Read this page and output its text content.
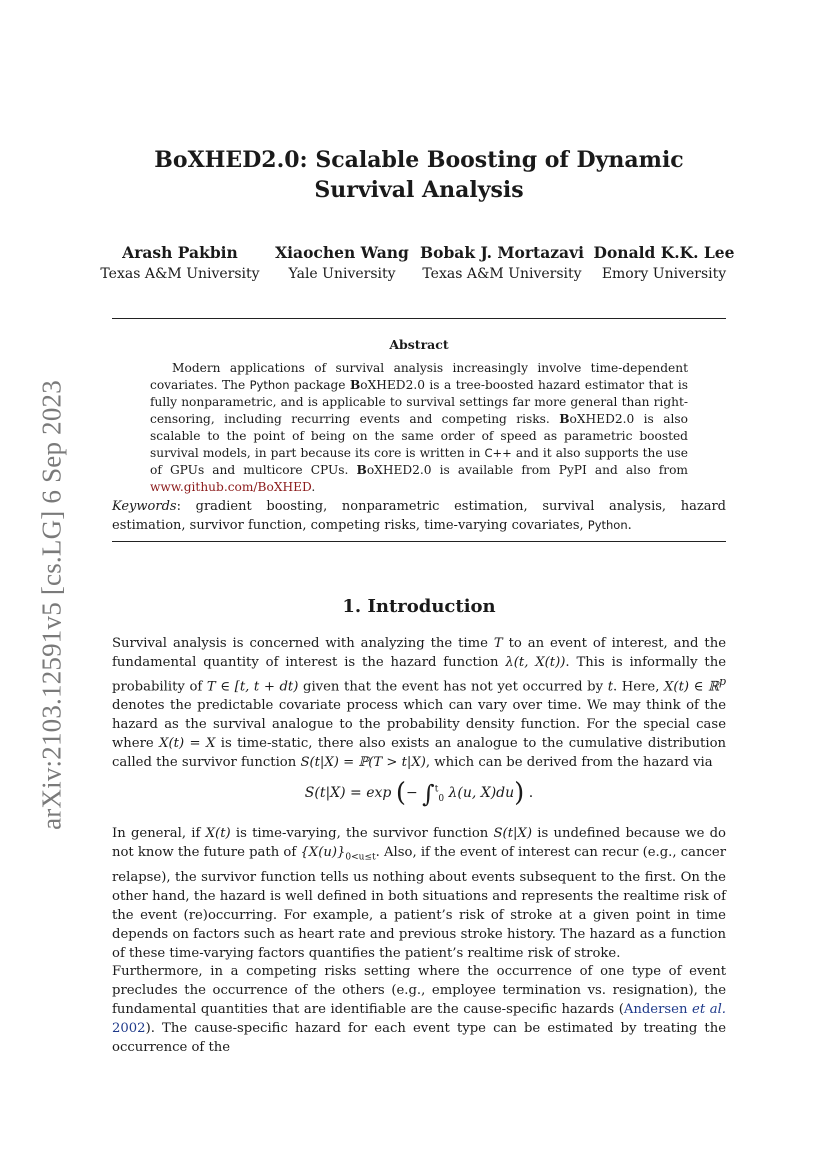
arXiv:2103.12591v5 [cs.LG] 6 Sep 2023
BoXHED2.0: Scalable Boosting of Dynamic
Survival Analysis
Arash Pakbin
Texas A&M University
Xiaochen Wang
Yale University
Bobak J. Mortazavi
Texas A&M University
Donald K.K. Lee
Emory University
Abstract

Modern applications of survival analysis increasingly involve time-dependent covariates. The Python package BoXHED2.0 is a tree-boosted hazard estimator that is fully nonparametric, and is applicable to survival settings far more general than right-censoring, including recurring events and competing risks. BoXHED2.0 is also scalable to the point of being on the same order of speed as parametric boosted survival models, in part because its core is written in C++ and it also supports the use of GPUs and multicore CPUs. BoXHED2.0 is available from PyPI and also from www.github.com/BoXHED.

Keywords: gradient boosting, nonparametric estimation, survival analysis, hazard estimation, survivor function, competing risks, time-varying covariates, Python.
1. Introduction

Survival analysis is concerned with analyzing the time T to an event of interest, and the fundamental quantity of interest is the hazard function λ(t, X(t)). This is informally the probability of T ∈ [t, t + dt) given that the event has not yet occurred by t. Here, X(t) ∈ ℝ$^p$ denotes the predictable covariate process which can vary over time. We may think of the hazard as the survival analogue to the probability density function. For the special case where X(t) = X is time-static, there also exists an analogue to the cumulative distribution called the survivor function S(t|X) = ℙ(T > t|X), which can be derived from the hazard via

S(t|X) = exp (− ∫$^t_0$ λ(u, X)du) .

In general, if X(t) is time-varying, the survivor function S(t|X) is undefined because we do not know the future path of $\{X(u)\}_{0<u\le t}$. Also, if the event of interest can recur (e.g., cancer relapse), the survivor function tells us nothing about events subsequent to the first. On the other hand, the hazard is well defined in both situations and represents the realtime risk of the event (re)occurring. For example, a patient’s risk of stroke at a given point in time depends on factors such as heart rate and previous stroke history. The hazard as a function of these time-varying factors quantifies the patient’s realtime risk of stroke.

Furthermore, in a competing risks setting where the occurrence of one type of event precludes the occurrence of the others (e.g., employee termination vs. resignation), the fundamental quantities that are identifiable are the cause-specific hazards (Andersen et al. 2002). The cause-specific hazard for each event type can be estimated by treating the occurrence of the
